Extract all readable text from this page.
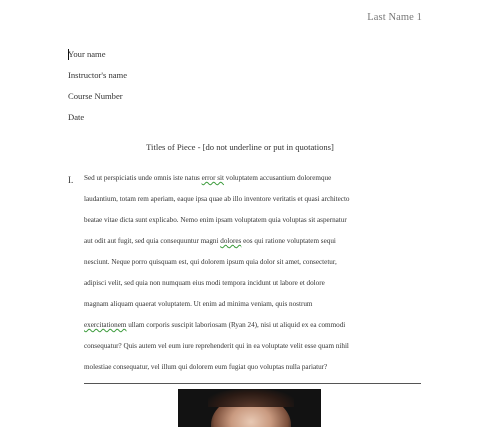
Last Name 1
Your name
Instructor's name
Course Number
Date
Titles of Piece - [do not underline or put in quotations]
I. Sed ut perspiciatis unde omnis iste natus error sit voluptatem accusantium doloremque
laudantium, totam rem aperiam, eaque ipsa quae ab illo inventore veritatis et quasi architecto
beatae vitae dicta sunt explicabo. Nemo enim ipsam voluptatem quia voluptas sit aspernatur
aut odit aut fugit, sed quia consequuntur magni dolores eos qui ratione voluptatem sequi
nesciunt. Neque porro quisquam est, qui dolorem ipsum quia dolor sit amet, consectetur,
adipisci velit, sed quia non numquam eius modi tempora incidunt ut labore et dolore
magnam aliquam quaerat voluptatem. Ut enim ad minima veniam, quis nostrum
exercitationem ullam corporis suscipit laboriosam (Ryan 24), nisi ut aliquid ex ea commodi
consequatur? Quis autem vel eum iure reprehenderit qui in ea voluptate velit esse quam nihil
molestiae consequatur, vel illum qui dolorem eum fugiat quo voluptas nulla pariatur?
